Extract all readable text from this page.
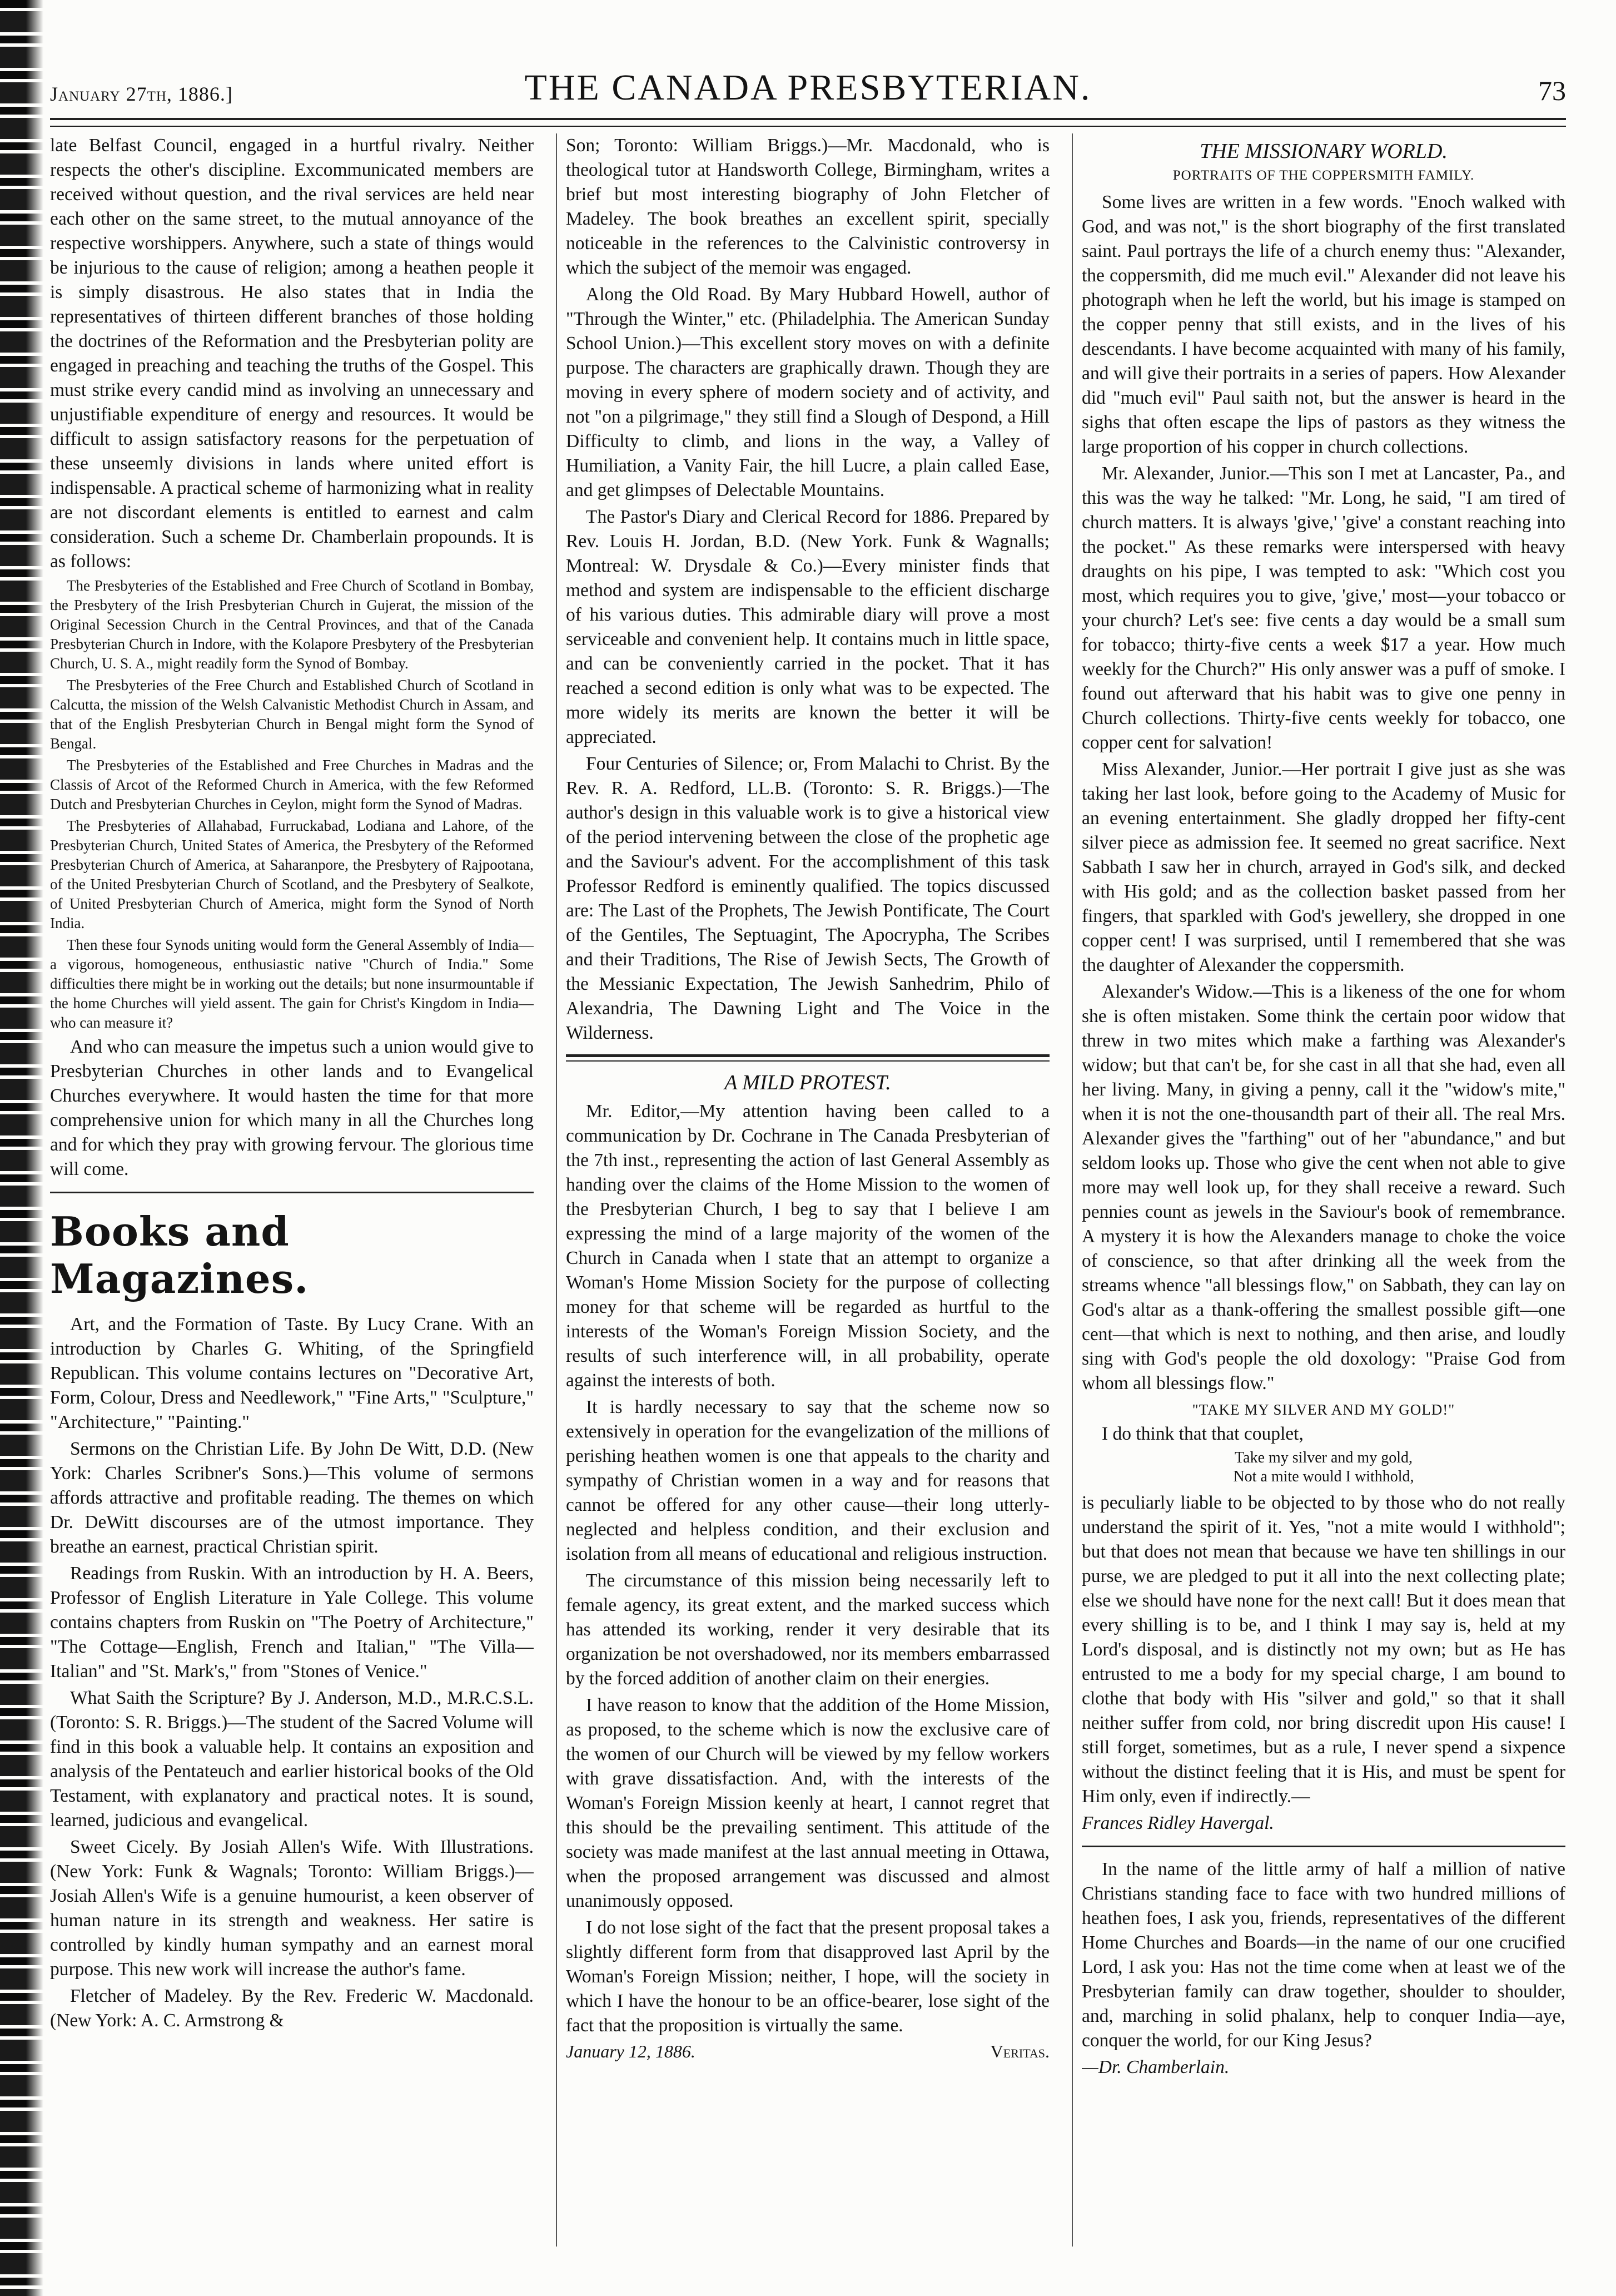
January 27th, 1886.]	THE CANADA PRESBYTERIAN.	73

late Belfast Council, engaged in a hurtful rivalry. Neither respects the other's discipline. Excommunicated members are received without question, and the rival services are held near each other on the same street, to the mutual annoyance of the respective worshippers. Anywhere, such a state of things would be injurious to the cause of religion; among a heathen people it is simply disastrous. He also states that in India the representatives of thirteen different branches of those holding the doctrines of the Reformation and the Presbyterian polity are engaged in preaching and teaching the truths of the Gospel. This must strike every candid mind as involving an unnecessary and unjustifiable expenditure of energy and resources. It would be difficult to assign satisfactory reasons for the perpetuation of these unseemly divisions in lands where united effort is indispensable. A practical scheme of harmonizing what in reality are not discordant elements is entitled to earnest and calm consideration. Such a scheme Dr. Chamberlain propounds. It is as follows:

The Presbyteries of the Established and Free Church of Scotland in Bombay, the Presbytery of the Irish Presbyterian Church in Gujerat, the mission of the Original Secession Church in the Central Provinces, and that of the Canada Presbyterian Church in Indore, with the Kolapore Presbytery of the Presbyterian Church, U. S. A., might readily form the Synod of Bombay.

The Presbyteries of the Free Church and Established Church of Scotland in Calcutta, the mission of the Welsh Calvanistic Methodist Church in Assam, and that of the English Presbyterian Church in Bengal might form the Synod of Bengal.

The Presbyteries of the Established and Free Churches in Madras and the Classis of Arcot of the Reformed Church in America, with the few Reformed Dutch and Presbyterian Churches in Ceylon, might form the Synod of Madras.

The Presbyteries of Allahabad, Furruckabad, Lodiana and Lahore, of the Presbyterian Church, United States of America, the Presbytery of the Reformed Presbyterian Church of America, at Saharanpore, the Presbytery of Rajpootana, of the United Presbyterian Church of Scotland, and the Presbytery of Sealkote, of United Presbyterian Church of America, might form the Synod of North India.

Then these four Synods uniting would form the General Assembly of India—a vigorous, homogeneous, enthusiastic native "Church of India." Some difficulties there might be in working out the details; but none insurmountable if the home Churches will yield assent. The gain for Christ's Kingdom in India—who can measure it?

And who can measure the impetus such a union would give to Presbyterian Churches in other lands and to Evangelical Churches everywhere. It would hasten the time for that more comprehensive union for which many in all the Churches long and for which they pray with growing fervour. The glorious time will come.

Books and Magazines.

Art, and the Formation of Taste. By Lucy Crane. With an introduction by Charles G. Whiting, of the Springfield Republican. This volume contains lectures on "Decorative Art, Form, Colour, Dress and Needlework," "Fine Arts," "Sculpture," "Architecture," "Painting."

Sermons on the Christian Life. By John De Witt, D.D. (New York: Charles Scribner's Sons.)—This volume of sermons affords attractive and profitable reading. The themes on which Dr. DeWitt discourses are of the utmost importance. They breathe an earnest, practical Christian spirit.

Readings from Ruskin. With an introduction by H. A. Beers, Professor of English Literature in Yale College. This volume contains chapters from Ruskin on "The Poetry of Architecture," "The Cottage—English, French and Italian," "The Villa—Italian" and "St. Mark's," from "Stones of Venice."

What Saith the Scripture? By J. Anderson, M.D., M.R.C.S.L. (Toronto: S. R. Briggs.)—The student of the Sacred Volume will find in this book a valuable help. It contains an exposition and analysis of the Pentateuch and earlier historical books of the Old Testament, with explanatory and practical notes. It is sound, learned, judicious and evangelical.

Sweet Cicely. By Josiah Allen's Wife. With Illustrations. (New York: Funk & Wagnals; Toronto: William Briggs.)—Josiah Allen's Wife is a genuine humourist, a keen observer of human nature in its strength and weakness. Her satire is controlled by kindly human sympathy and an earnest moral purpose. This new work will increase the author's fame.

Fletcher of Madeley. By the Rev. Frederic W. Macdonald. (New York: A. C. Armstrong &

Son; Toronto: William Briggs.)—Mr. Macdonald, who is theological tutor at Handsworth College, Birmingham, writes a brief but most interesting biography of John Fletcher of Madeley. The book breathes an excellent spirit, specially noticeable in the references to the Calvinistic controversy in which the subject of the memoir was engaged.

Along the Old Road. By Mary Hubbard Howell, author of "Through the Winter," etc. (Philadelphia. The American Sunday School Union.)—This excellent story moves on with a definite purpose. The characters are graphically drawn. Though they are moving in every sphere of modern society and of activity, and not "on a pilgrimage," they still find a Slough of Despond, a Hill Difficulty to climb, and lions in the way, a Valley of Humiliation, a Vanity Fair, the hill Lucre, a plain called Ease, and get glimpses of Delectable Mountains.

The Pastor's Diary and Clerical Record for 1886. Prepared by Rev. Louis H. Jordan, B.D. (New York. Funk & Wagnalls; Montreal: W. Drysdale & Co.)—Every minister finds that method and system are indispensable to the efficient discharge of his various duties. This admirable diary will prove a most serviceable and convenient help. It contains much in little space, and can be conveniently carried in the pocket. That it has reached a second edition is only what was to be expected. The more widely its merits are known the better it will be appreciated.

Four Centuries of Silence; or, From Malachi to Christ. By the Rev. R. A. Redford, LL.B. (Toronto: S. R. Briggs.)—The author's design in this valuable work is to give a historical view of the period intervening between the close of the prophetic age and the Saviour's advent. For the accomplishment of this task Professor Redford is eminently qualified. The topics discussed are: The Last of the Prophets, The Jewish Pontificate, The Court of the Gentiles, The Septuagint, The Apocrypha, The Scribes and their Traditions, The Rise of Jewish Sects, The Growth of the Messianic Expectation, The Jewish Sanhedrim, Philo of Alexandria, The Dawning Light and The Voice in the Wilderness.

A MILD PROTEST.

Mr. Editor,—My attention having been called to a communication by Dr. Cochrane in The Canada Presbyterian of the 7th inst., representing the action of last General Assembly as handing over the claims of the Home Mission to the women of the Presbyterian Church, I beg to say that I believe I am expressing the mind of a large majority of the women of the Church in Canada when I state that an attempt to organize a Woman's Home Mission Society for the purpose of collecting money for that scheme will be regarded as hurtful to the interests of the Woman's Foreign Mission Society, and the results of such interference will, in all probability, operate against the interests of both.

It is hardly necessary to say that the scheme now so extensively in operation for the evangelization of the millions of perishing heathen women is one that appeals to the charity and sympathy of Christian women in a way and for reasons that cannot be offered for any other cause—their long utterly-neglected and helpless condition, and their exclusion and isolation from all means of educational and religious instruction.

The circumstance of this mission being necessarily left to female agency, its great extent, and the marked success which has attended its working, render it very desirable that its organization be not overshadowed, nor its members embarrassed by the forced addition of another claim on their energies.

I have reason to know that the addition of the Home Mission, as proposed, to the scheme which is now the exclusive care of the women of our Church will be viewed by my fellow workers with grave dissatisfaction. And, with the interests of the Woman's Foreign Mission keenly at heart, I cannot regret that this should be the prevailing sentiment. This attitude of the society was made manifest at the last annual meeting in Ottawa, when the proposed arrangement was discussed and almost unanimously opposed.

I do not lose sight of the fact that the present proposal takes a slightly different form from that disapproved last April by the Woman's Foreign Mission; neither, I hope, will the society in which I have the honour to be an office-bearer, lose sight of the fact that the proposition is virtually the same.

January 12, 1886.	Veritas.
THE MISSIONARY WORLD.
PORTRAITS OF THE COPPERSMITH FAMILY.

Some lives are written in a few words. "Enoch walked with God, and was not," is the short biography of the first translated saint. Paul portrays the life of a church enemy thus: "Alexander, the coppersmith, did me much evil." Alexander did not leave his photograph when he left the world, but his image is stamped on the copper penny that still exists, and in the lives of his descendants. I have become acquainted with many of his family, and will give their portraits in a series of papers. How Alexander did "much evil" Paul saith not, but the answer is heard in the sighs that often escape the lips of pastors as they witness the large proportion of his copper in church collections.

Mr. Alexander, Junior.—This son I met at Lancaster, Pa., and this was the way he talked: "Mr. Long, he said, "I am tired of church matters. It is always 'give,' 'give' a constant reaching into the pocket." As these remarks were interspersed with heavy draughts on his pipe, I was tempted to ask: "Which cost you most, which requires you to give, 'give,' most—your tobacco or your church? Let's see: five cents a day would be a small sum for tobacco; thirty-five cents a week $17 a year. How much weekly for the Church?" His only answer was a puff of smoke. I found out afterward that his habit was to give one penny in Church collections. Thirty-five cents weekly for tobacco, one copper cent for salvation!

Miss Alexander, Junior.—Her portrait I give just as she was taking her last look, before going to the Academy of Music for an evening entertainment. She gladly dropped her fifty-cent silver piece as admission fee. It seemed no great sacrifice. Next Sabbath I saw her in church, arrayed in God's silk, and decked with His gold; and as the collection basket passed from her fingers, that sparkled with God's jewellery, she dropped in one copper cent! I was surprised, until I remembered that she was the daughter of Alexander the coppersmith.

Alexander's Widow.—This is a likeness of the one for whom she is often mistaken. Some think the certain poor widow that threw in two mites which make a farthing was Alexander's widow; but that can't be, for she cast in all that she had, even all her living. Many, in giving a penny, call it the "widow's mite," when it is not the one-thousandth part of their all. The real Mrs. Alexander gives the "farthing" out of her "abundance," and but seldom looks up. Those who give the cent when not able to give more may well look up, for they shall receive a reward. Such pennies count as jewels in the Saviour's book of remembrance. A mystery it is how the Alexanders manage to choke the voice of conscience, so that after drinking all the week from the streams whence "all blessings flow," on Sabbath, they can lay on God's altar as a thank-offering the smallest possible gift—one cent—that which is next to nothing, and then arise, and loudly sing with God's people the old doxology: "Praise God from whom all blessings flow."

"TAKE MY SILVER AND MY GOLD!"

I do think that that couplet,

Take my silver and my gold,
Not a mite would I withhold,

is peculiarly liable to be objected to by those who do not really understand the spirit of it. Yes, "not a mite would I withhold"; but that does not mean that because we have ten shillings in our purse, we are pledged to put it all into the next collecting plate; else we should have none for the next call! But it does mean that every shilling is to be, and I think I may say is, held at my Lord's disposal, and is distinctly not my own; but as He has entrusted to me a body for my special charge, I am bound to clothe that body with His "silver and gold," so that it shall neither suffer from cold, nor bring discredit upon His cause! I still forget, sometimes, but as a rule, I never spend a sixpence without the distinct feeling that it is His, and must be spent for Him only, even if indirectly.—

Frances Ridley Havergal.

In the name of the little army of half a million of native Christians standing face to face with two hundred millions of heathen foes, I ask you, friends, representatives of the different Home Churches and Boards—in the name of our one crucified Lord, I ask you: Has not the time come when at least we of the Presbyterian family can draw together, shoulder to shoulder, and, marching in solid phalanx, help to conquer India—aye, conquer the world, for our King Jesus?

—Dr. Chamberlain.
